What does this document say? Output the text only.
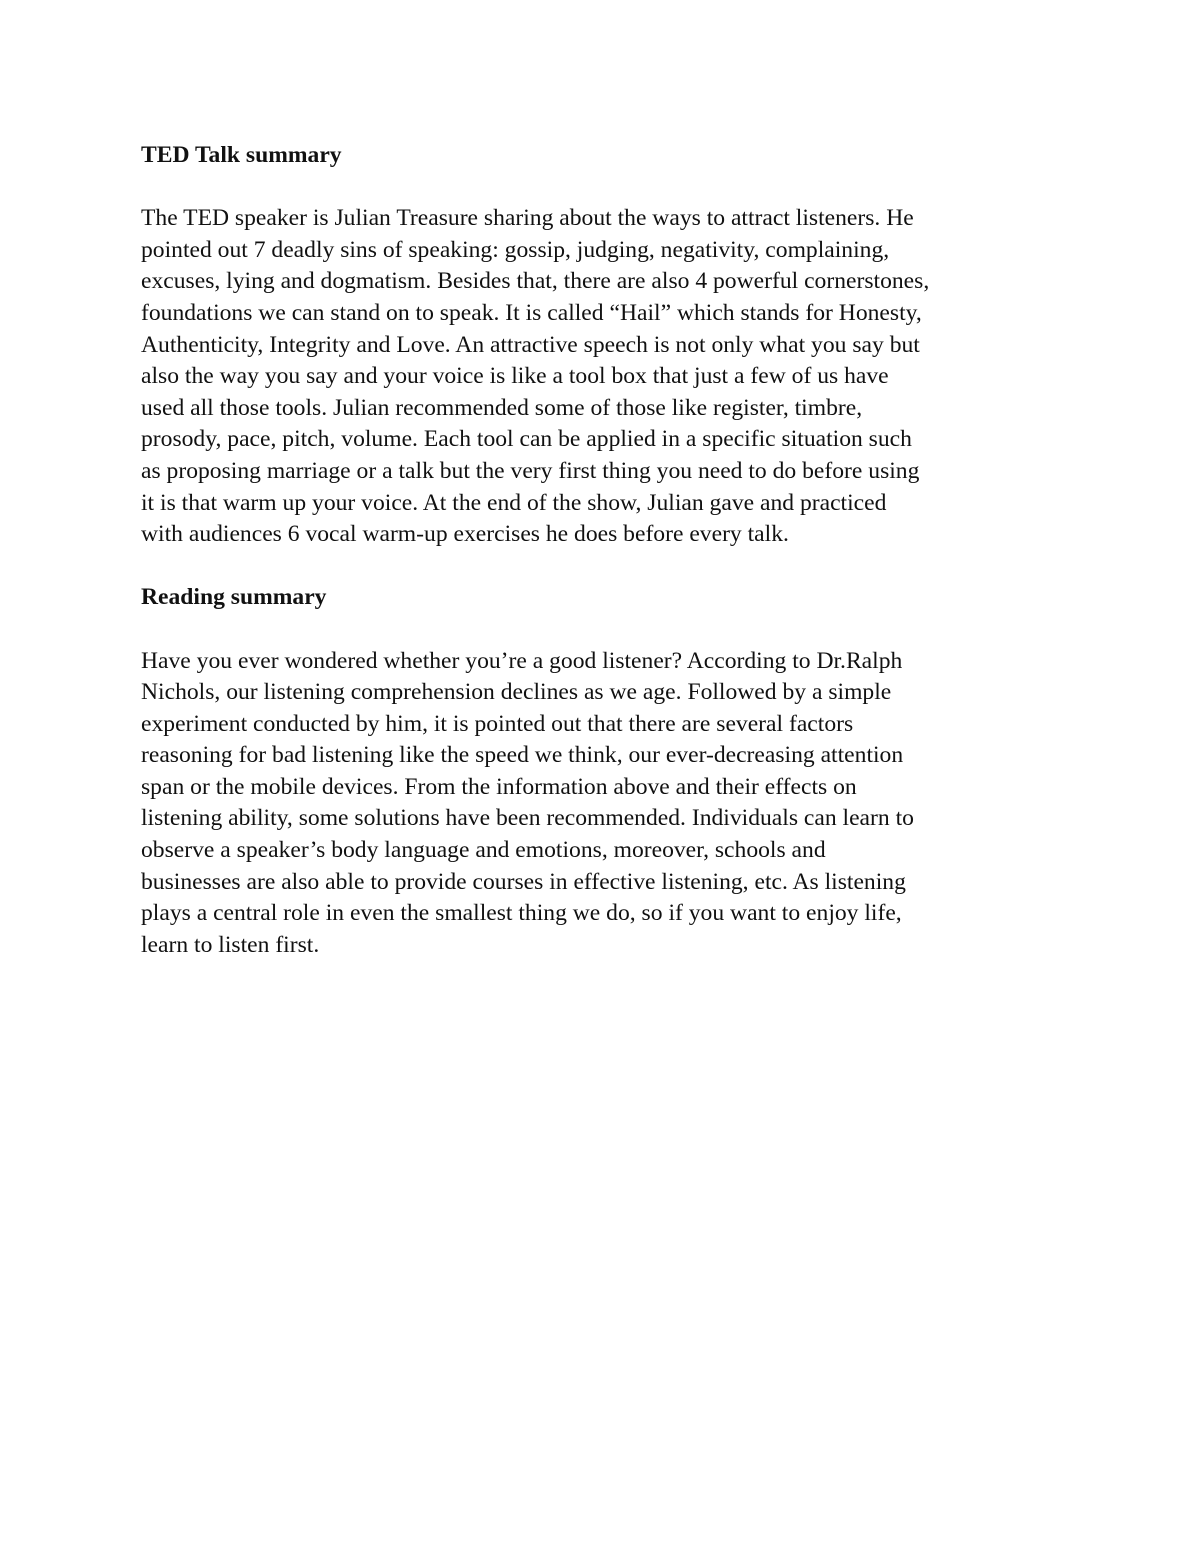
TED Talk summary
The TED speaker is Julian Treasure sharing about the ways to attract listeners. He
pointed out 7 deadly sins of speaking: gossip, judging, negativity, complaining,
excuses, lying and dogmatism. Besides that, there are also 4 powerful cornerstones,
foundations we can stand on to speak. It is called “Hail” which stands for Honesty,
Authenticity, Integrity and Love. An attractive speech is not only what you say but
also the way you say and your voice is like a tool box that just a few of us have
used all those tools. Julian recommended some of those like register, timbre,
prosody, pace, pitch, volume. Each tool can be applied in a specific situation such
as proposing marriage or a talk but the very first thing you need to do before using
it is that warm up your voice. At the end of the show, Julian gave and practiced
with audiences 6 vocal warm-up exercises he does before every talk.
Reading summary
Have you ever wondered whether you’re a good listener? According to Dr.Ralph
Nichols, our listening comprehension declines as we age. Followed by a simple
experiment conducted by him, it is pointed out that there are several factors
reasoning for bad listening like the speed we think, our ever-decreasing attention
span or the mobile devices. From the information above and their effects on
listening ability, some solutions have been recommended. Individuals can learn to
observe a speaker’s body language and emotions, moreover, schools and
businesses are also able to provide courses in effective listening, etc. As listening
plays a central role in even the smallest thing we do, so if you want to enjoy life,
learn to listen first.
